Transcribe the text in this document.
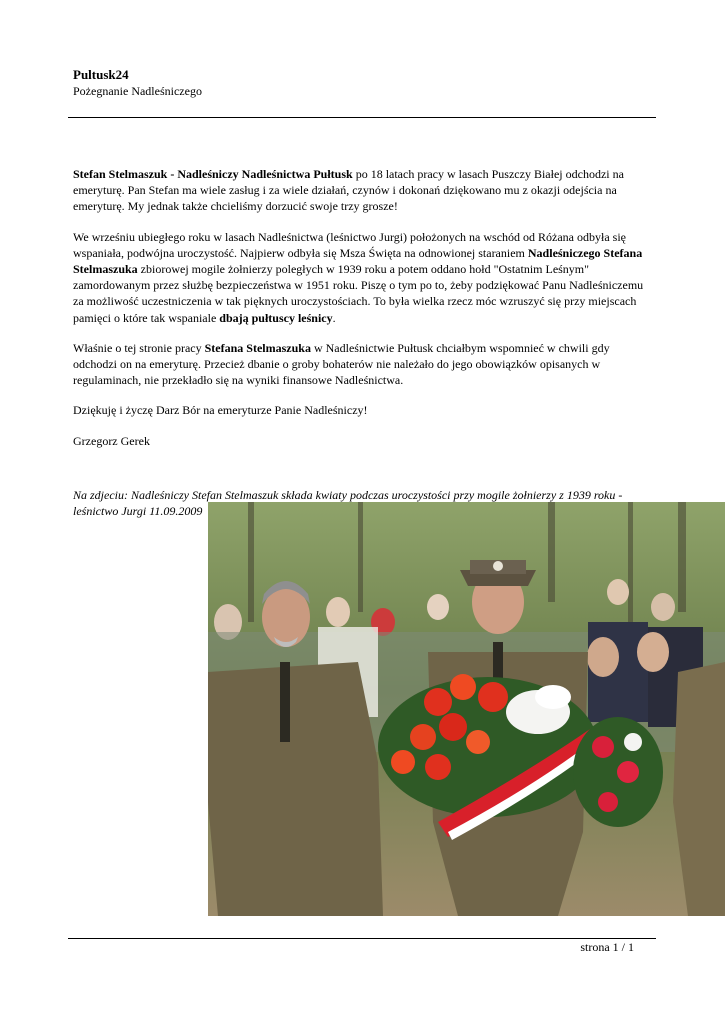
Pultusk24
Pożegnanie Nadleśniczego

Stefan Stelmaszuk - Nadleśniczy Nadleśnictwa Pułtusk po 18 latach pracy w lasach Puszczy Białej odchodzi na emeryturę. Pan Stefan ma wiele zasług i za wiele działań, czynów i dokonań dziękowano mu z okazji odejścia na emeryturę. My jednak także chcieliśmy dorzucić swoje trzy grosze!

We wrześniu ubiegłego roku w lasach Nadleśnictwa (leśnictwo Jurgi) położonych na wschód od Różana odbyła się wspaniała, podwójna uroczystość. Najpierw odbyła się Msza Święta na odnowionej staraniem Nadleśniczego Stefana Stelmaszuka zbiorowej mogile żołnierzy poległych w 1939 roku a potem oddano hołd "Ostatnim Leśnym" zamordowanym przez służbę bezpieczeństwa w 1951 roku. Piszę o tym po to, żeby podziękować Panu Nadleśniczemu za możliwość uczestniczenia w tak pięknych uroczystościach. To była wielka rzecz móc wzruszyć się przy miejscach pamięci o które tak wspaniale dbają pułtuscy leśnicy.

Właśnie o tej stronie pracy Stefana Stelmaszuka w Nadleśnictwie Pułtusk chciałbym wspomnieć w chwili gdy odchodzi on na emeryturę. Przecież dbanie o groby bohaterów nie należało do jego obowiązków opisanych w regulaminach, nie przekładło się na wyniki finansowe Nadleśnictwa.

Dziękuję i życzę Darz Bór na emeryturze Panie Nadleśniczy!

Grzegorz Gerek

Na zdjeciu: Nadleśniczy Stefan Stelmaszuk składa kwiaty podczas uroczystości przy mogile żołnierzy z 1939 roku - leśnictwo Jurgi 11.09.2009
strona 1 / 1
